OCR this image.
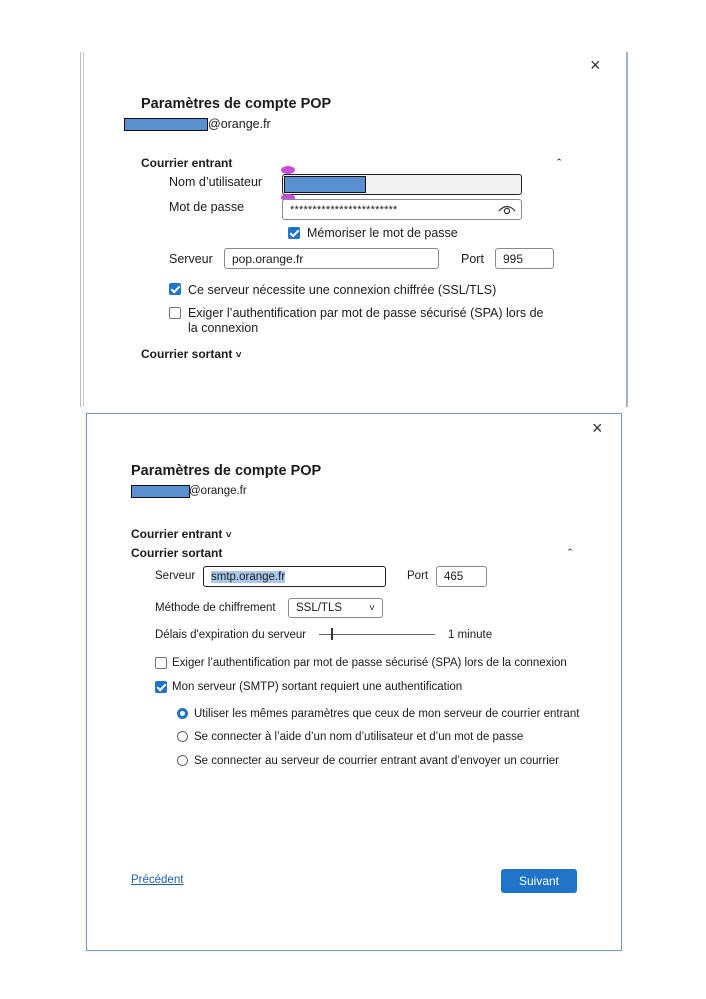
×
Paramètres de compte POP
@orange.fr
Courrier entrant	ˆ
Nom d’utilisateur
Mot de passe	************************
Mémoriser le mot de passe
Serveur pop.orange.fr	Port 995
Ce serveur nécessite une connexion chiffrée (SSL/TLS)
Exiger l’authentification par mot de passe sécurisé (SPA) lors de
la connexion
Courrier sortant ˅
×
Paramètres de compte POP
@orange.fr
Courrier entrant ˅
Courrier sortant	ˆ
Serveur smtp.orange.fr	Port 465
Méthode de chiffrement SSL/TLS	˅
Délais d'expiration du serveur	1 minute
Exiger l’authentification par mot de passe sécurisé (SPA) lors de la connexion
Mon serveur (SMTP) sortant requiert une authentification
Utiliser les mêmes paramètres que ceux de mon serveur de courrier entrant
Se connecter à l’aide d’un nom d’utilisateur et d’un mot de passe
Se connecter au serveur de courrier entrant avant d’envoyer un courrier
Précédent	Suivant
